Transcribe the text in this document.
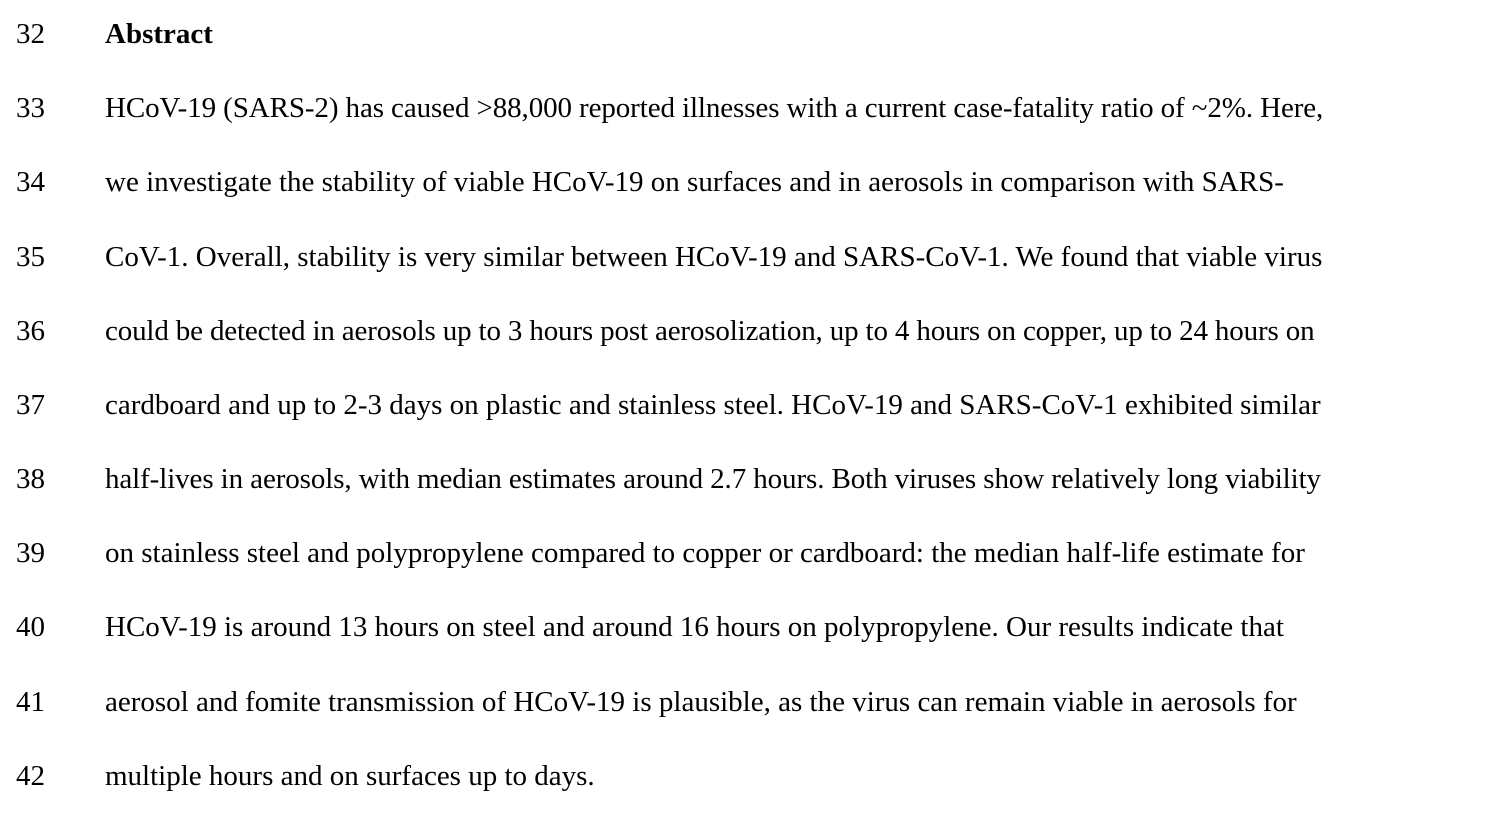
32 Abstract
33 HCoV-19 (SARS-2) has caused >88,000 reported illnesses with a current case-fatality ratio of ~2%. Here,
34 we investigate the stability of viable HCoV-19 on surfaces and in aerosols in comparison with SARS-
35 CoV-1. Overall, stability is very similar between HCoV-19 and SARS-CoV-1. We found that viable virus
36 could be detected in aerosols up to 3 hours post aerosolization, up to 4 hours on copper, up to 24 hours on
37 cardboard and up to 2-3 days on plastic and stainless steel. HCoV-19 and SARS-CoV-1 exhibited similar
38 half-lives in aerosols, with median estimates around 2.7 hours. Both viruses show relatively long viability
39 on stainless steel and polypropylene compared to copper or cardboard: the median half-life estimate for
40 HCoV-19 is around 13 hours on steel and around 16 hours on polypropylene. Our results indicate that
41 aerosol and fomite transmission of HCoV-19 is plausible, as the virus can remain viable in aerosols for
42 multiple hours and on surfaces up to days.
